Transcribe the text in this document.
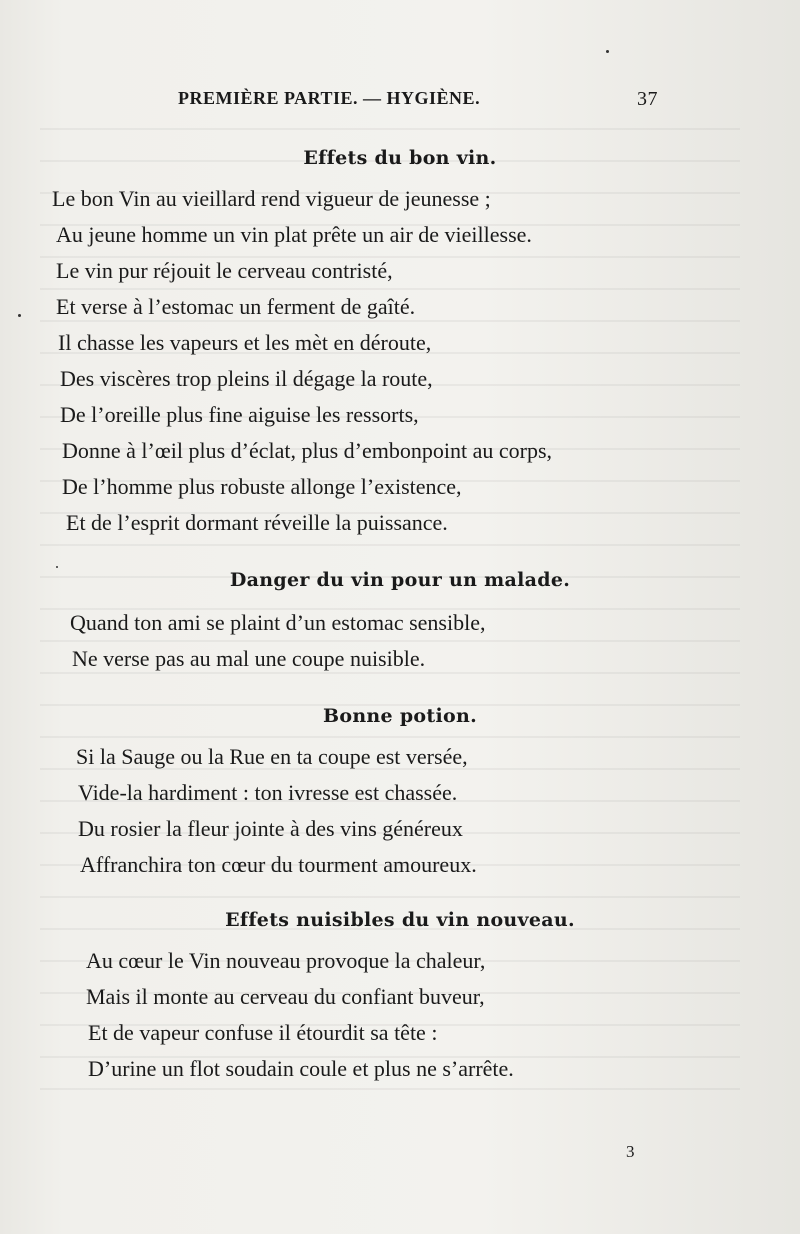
PREMIÈRE PARTIE. — HYGIÈNE.	37
Effets du bon vin.
Le bon Vin au vieillard rend vigueur de jeunesse ;
Au jeune homme un vin plat prête un air de vieillesse.
Le vin pur réjouit le cerveau contristé,
Et verse à l’estomac un ferment de gaîté.
Il chasse les vapeurs et les mѐt en déroute,
Des viscères trop pleins il dégage la route,
De l’oreille plus fine aiguise les ressorts,
Donne à l’œil plus d’éclat, plus d’embonpoint au corps,
De l’homme plus robuste allonge l’existence,
Et de l’esprit dormant réveille la puissance.
Danger du vin pour un malade.
Quand ton ami se plaint d’un estomac sensible,
Ne verse pas au mal une coupe nuisible.
Bonne potion.
Si la Sauge ou la Rue en ta coupe est versée,
Vide-la hardiment : ton ivresse est chassée.
Du rosier la fleur jointe à des vins généreux
Affranchira ton cœur du tourment amoureux.
Effets nuisibles du vin nouveau.
Au cœur le Vin nouveau provoque la chaleur,
Mais il monte au cerveau du confiant buveur,
Et de vapeur confuse il étourdit sa tête :
D’urine un flot soudain coule et plus ne s’arrête.
3
